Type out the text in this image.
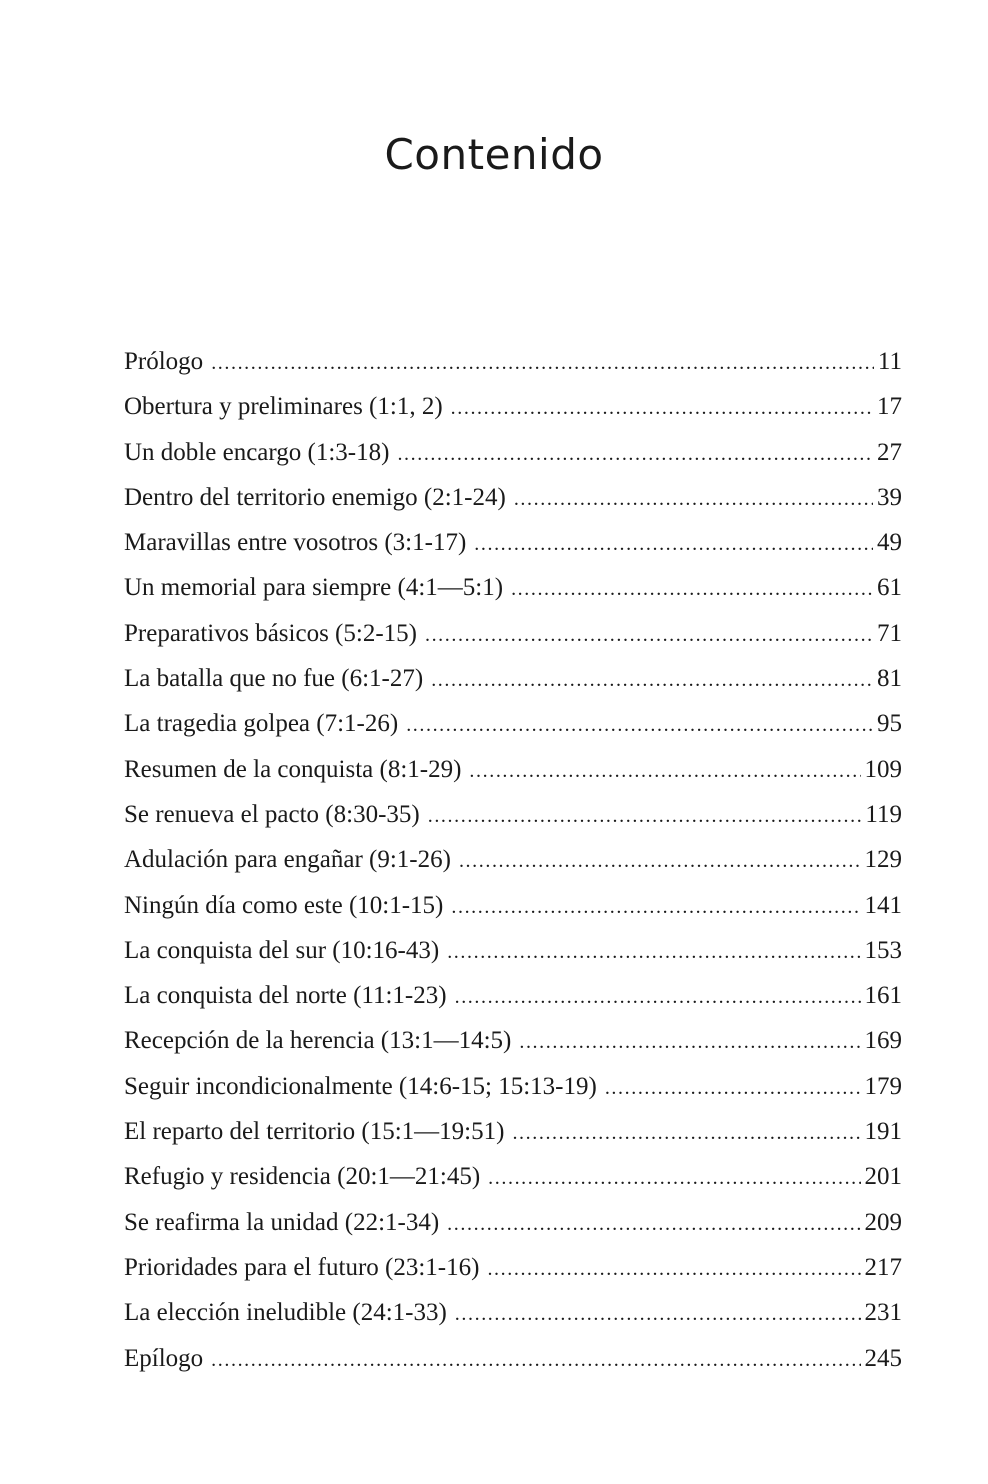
Contenido
Prólogo .....	11
Obertura y preliminares (1:1, 2) .....	17
Un doble encargo (1:3-18) .....	27
Dentro del territorio enemigo (2:1-24) .....	39
Maravillas entre vosotros (3:1-17) .....	49
Un memorial para siempre (4:1—5:1) .....	61
Preparativos básicos (5:2-15) .....	71
La batalla que no fue (6:1-27) .....	81
La tragedia golpea (7:1-26) .....	95
Resumen de la conquista (8:1-29) .....	109
Se renueva el pacto (8:30-35) .....	119
Adulación para engañar (9:1-26) .....	129
Ningún día como este (10:1-15) .....	141
La conquista del sur (10:16-43) .....	153
La conquista del norte (11:1-23) .....	161
Recepción de la herencia (13:1—14:5) .....	169
Seguir incondicionalmente (14:6-15; 15:13-19) .....	179
El reparto del territorio (15:1—19:51) .....	191
Refugio y residencia (20:1—21:45) .....	201
Se reafirma la unidad (22:1-34) .....	209
Prioridades para el futuro (23:1-16) .....	217
La elección ineludible (24:1-33) .....	231
Epílogo .....	245
